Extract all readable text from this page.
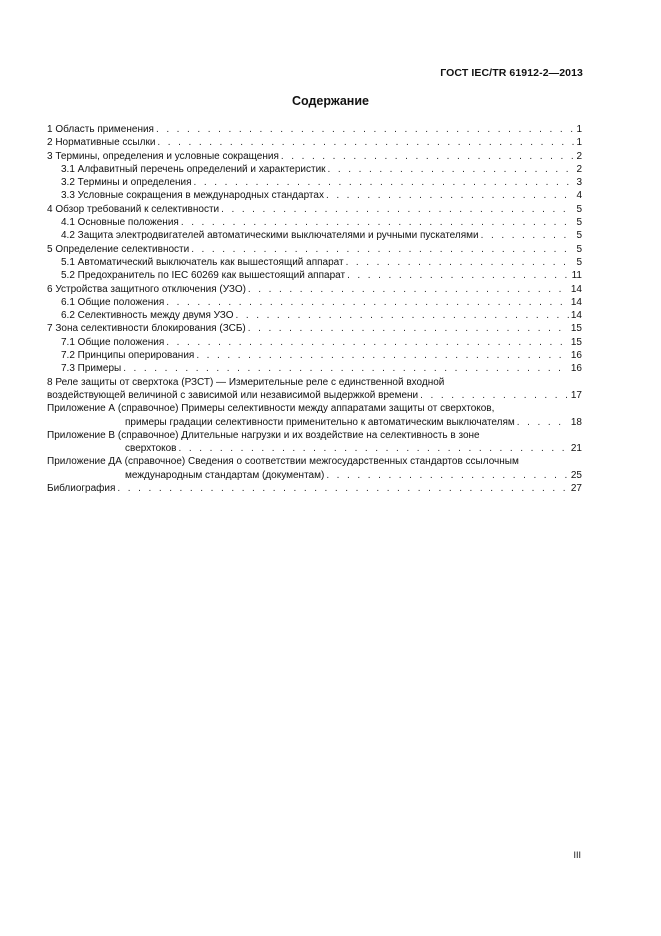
ГОСТ IEC/TR 61912-2—2013
Содержание
1 Область применения . . .	1
2 Нормативные ссылки . . .	1
3 Термины, определения и условные сокращения . . .	2
3.1 Алфавитный перечень определений и характеристик . . .	2
3.2 Термины и определения . . .	3
3.3 Условные сокращения в международных стандартах . . .	4
4 Обзор требований к селективности . . .	5
4.1 Основные положения . . .	5
4.2 Защита электродвигателей автоматическими выключателями и ручными пускателями . . .	5
5 Определение селективности . . .	5
5.1 Автоматический выключатель как вышестоящий аппарат . . .	5
5.2 Предохранитель по IEC 60269 как вышестоящий аппарат . . .	11
6 Устройства защитного отключения (УЗО) . . .	14
6.1 Общие положения . . .	14
6.2 Селективность между двумя УЗО . . .	14
7 Зона селективности блокирования (ЗСБ) . . .	15
7.1 Общие положения . . .	15
7.2 Принципы оперирования . . .	16
7.3 Примеры . . .	16
8 Реле защиты от сверхтока (РЗСТ) — Измерительные реле с единственной входной
воздействующей величиной с зависимой или независимой выдержкой времени . . .	17
Приложение А (справочное) Примеры селективности между аппаратами защиты от сверхтоков,
примеры градации селективности применительно к автоматическим выключателям . . .	18
Приложение В (справочное) Длительные нагрузки и их воздействие на селективность в зоне
сверхтоков . . .	21
Приложение ДА (справочное) Сведения о соответствии межгосударственных стандартов ссылочным
международным стандартам (документам) . . .	25
Библиография . . .	27
III
